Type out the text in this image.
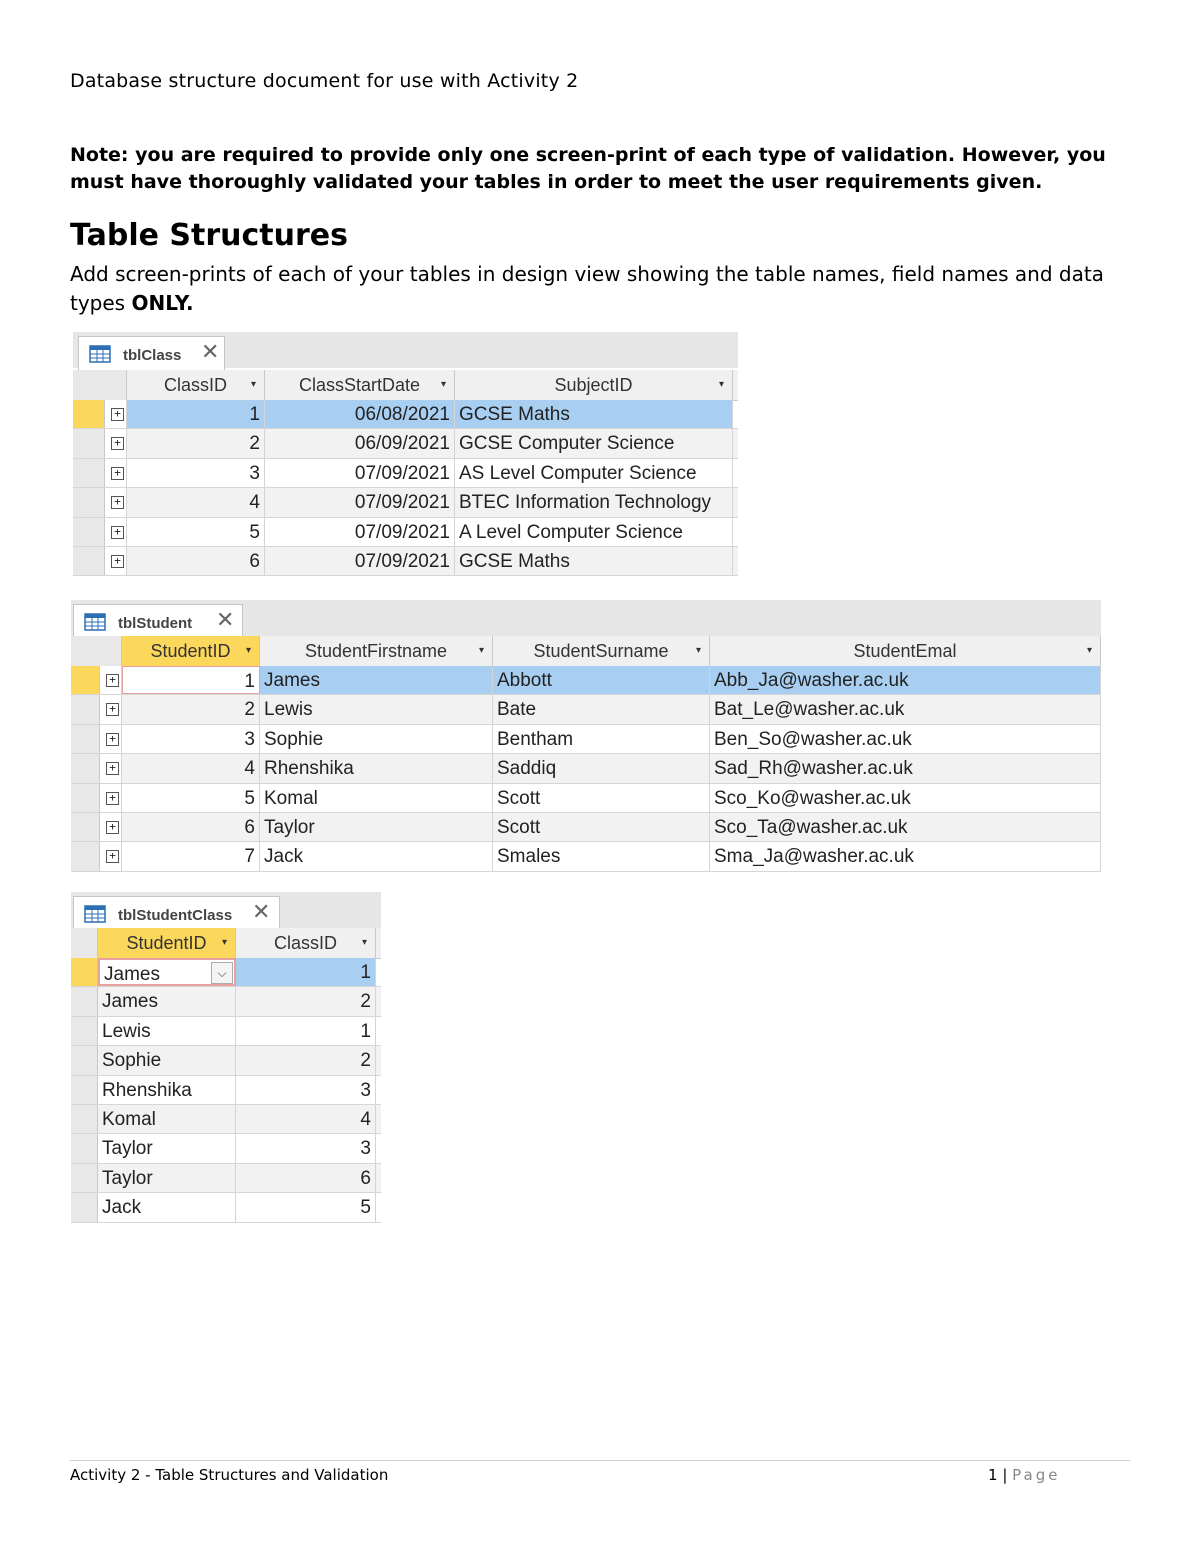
Database structure document for use with Activity 2
Note: you are required to provide only one screen-print of each type of validation. However, you must have thoroughly validated your tables in order to meet the user requirements given.
Table Structures
Add screen-prints of each of your tables in design view showing the table names, field names and data types ONLY.
tblClass ✕
ClassID ▾	ClassStartDate ▾	SubjectID	▾
+	1	06/08/2021 GCSE Maths
+	2	06/09/2021 GCSE Computer Science
+	3	07/09/2021 AS Level Computer Science
+	4	07/09/2021 BTEC Information Technology
+	5	07/09/2021 A Level Computer Science
+	6	07/09/2021 GCSE Maths
tblStudent ✕
StudentID ▾	StudentFirstname	▾	StudentSurname	▾	StudentEmal	▾
+	1 James	Abbott	Abb_Ja@washer.ac.uk
+	2 Lewis	Bate	Bat_Le@washer.ac.uk
+	3 Sophie	Bentham	Ben_So@washer.ac.uk
+	4 Rhenshika	Saddiq	Sad_Rh@washer.ac.uk
+	5 Komal	Scott	Sco_Ko@washer.ac.uk
+	6 Taylor	Scott	Sco_Ta@washer.ac.uk
+	7 Jack	Smales	Sma_Ja@washer.ac.uk
tblStudentClass ✕
StudentID ▾	ClassID ▾
James	⌵	1
James	2
Lewis	1
Sophie	2
Rhenshika	3
Komal	4
Taylor	3
Taylor	6
Jack	5
Activity 2 - Table Structures and Validation	1 | Page
